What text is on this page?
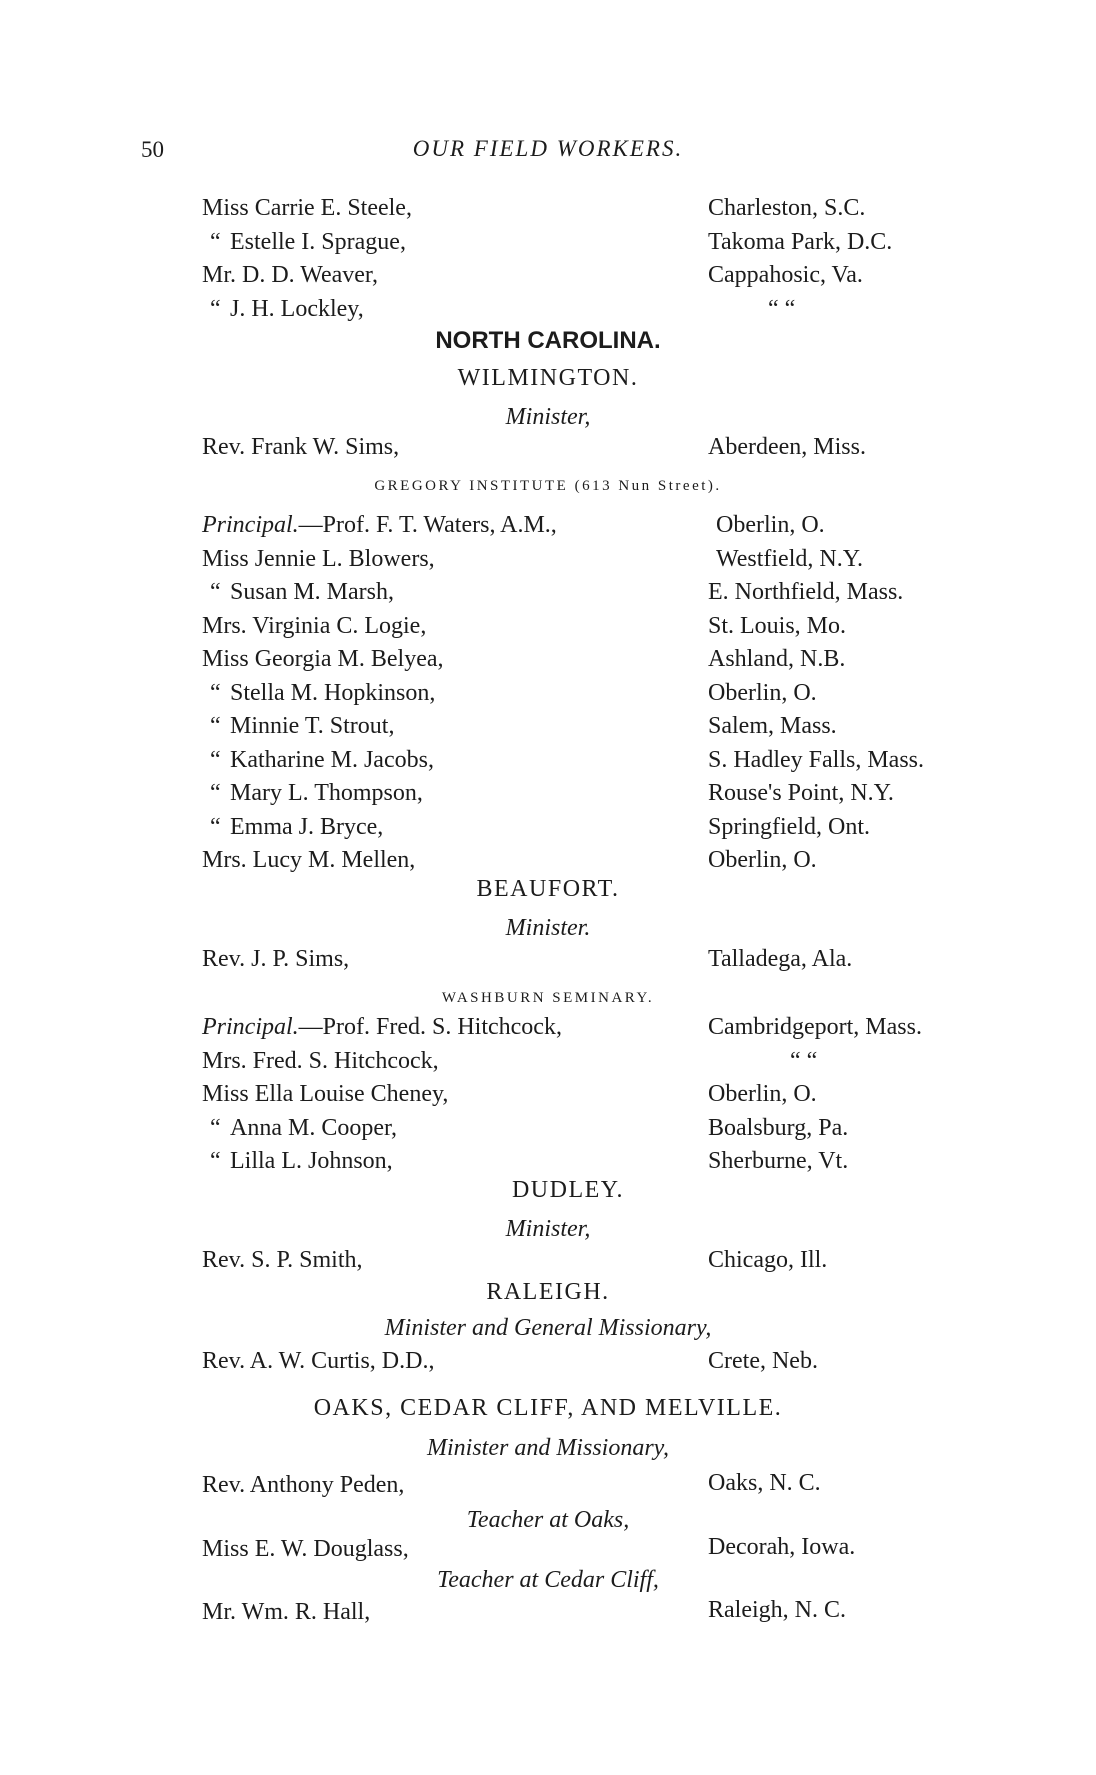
50	OUR FIELD WORKERS.
Miss Carrie E. Steele,	Charleston, S.C.
“ Estelle I. Sprague,	Takoma Park, D.C.
Mr. D. D. Weaver,	Cappahosic, Va.
“ J. H. Lockley,	“ “
NORTH CAROLINA.
WILMINGTON.
Minister,
Rev. Frank W. Sims,	Aberdeen, Miss.
GREGORY INSTITUTE (613 Nun Street).
Principal.—Prof. F. T. Waters, A.M.,	Oberlin, O.
Miss Jennie L. Blowers,	Westfield, N.Y.
“ Susan M. Marsh,	E. Northfield, Mass.
Mrs. Virginia C. Logie,	St. Louis, Mo.
Miss Georgia M. Belyea,	Ashland, N.B.
“ Stella M. Hopkinson,	Oberlin, O.
“ Minnie T. Strout,	Salem, Mass.
“ Katharine M. Jacobs,	S. Hadley Falls, Mass.
“ Mary L. Thompson,	Rouse's Point, N.Y.
“ Emma J. Bryce,	Springfield, Ont.
Mrs. Lucy M. Mellen,	Oberlin, O.
BEAUFORT.
Minister.
Rev. J. P. Sims,	Talladega, Ala.
WASHBURN SEMINARY.
Principal.—Prof. Fred. S. Hitchcock,	Cambridgeport, Mass.
Mrs. Fred. S. Hitchcock,	“ “
Miss Ella Louise Cheney,	Oberlin, O.
“ Anna M. Cooper,	Boalsburg, Pa.
“ Lilla L. Johnson,	Sherburne, Vt.
DUDLEY.
Minister,
Rev. S. P. Smith,	Chicago, Ill.
RALEIGH.
Minister and General Missionary,
Rev. A. W. Curtis, D.D.,	Crete, Neb.
OAKS, CEDAR CLIFF, AND MELVILLE.
Minister and Missionary,
Rev. Anthony Peden,	Oaks, N. C.
Teacher at Oaks,
Miss E. W. Douglass,	Decorah, Iowa.
Teacher at Cedar Cliff,
Mr. Wm. R. Hall,	Raleigh, N. C.
